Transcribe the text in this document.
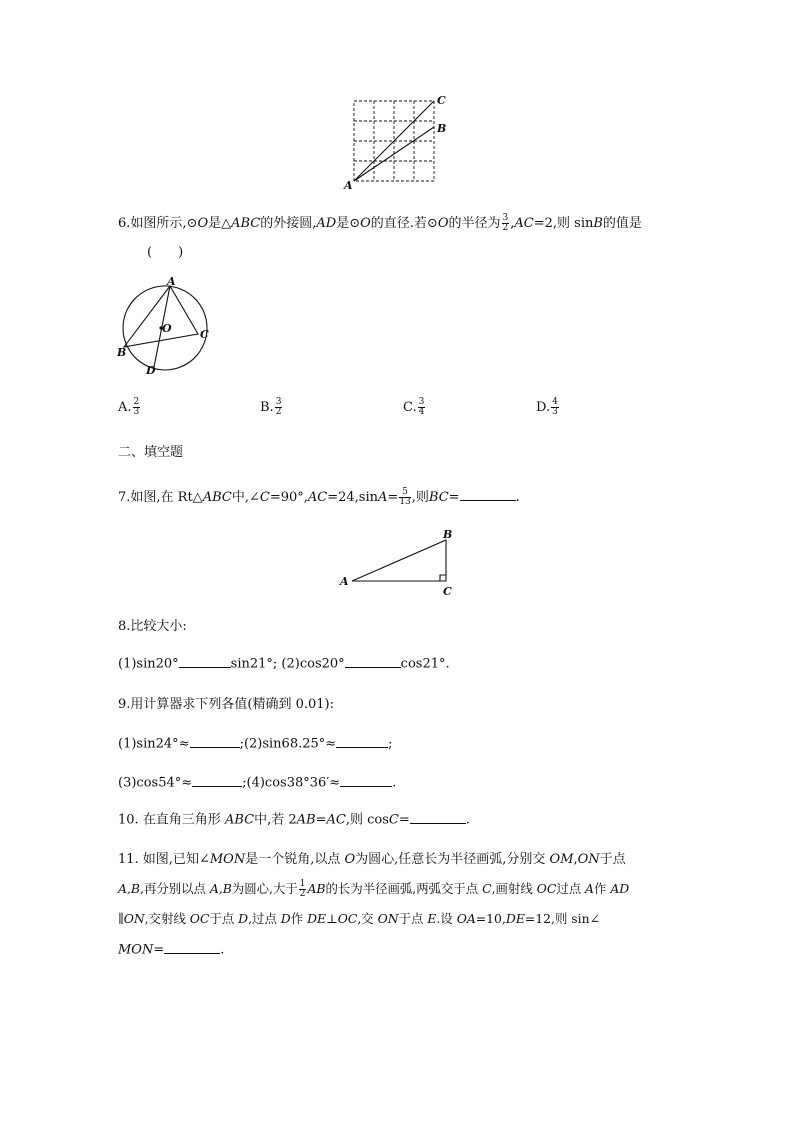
A
B
C
6.如图所示,⊙O是△ABC的外接圆,AD是⊙O的直径.若⊙O的半径为 $\frac{3}{2} ,AC=2$,则 sinB的值是
(　　)
A
O	C
B
D
A. $\frac{2}{3}$	B. $\frac{3}{2}$	C. $\frac{3}{4}$	D. $\frac{4}{3}$
二、填空题
7.如图,在 Rt△ABC中,∠C=90°,AC=24,sinA= $\frac{5}{13}$ ,则BC=	.
A
B
C
8.比较大小:
(1)sin20°	sin21°; (2)cos20°	cos21°.
9.用计算器求下列各值(精确到 0.01):
(1)sin24°≈	;(2)sin68.25°≈	;
(3)cos54°≈	;(4)cos38°36′≈	.
10. 在直角三角形 ABC中,若 2AB=AC,则 cosC=	.
11. 如图,已知∠MON是一个锐角,以点 O为圆心,任意长为半径画弧,分别交 OM,ON于点
A,B,再分别以点 A,B为圆心,大于 $\frac{1}{2}$ AB的长为半径画弧,两弧交于点 C,画射线 OC过点 A作 AD
∥ON,交射线 OC于点 D,过点 D作 DE⊥OC,交 ON于点 E.设 OA=10,DE=12,则 sin∠
MON=	.
